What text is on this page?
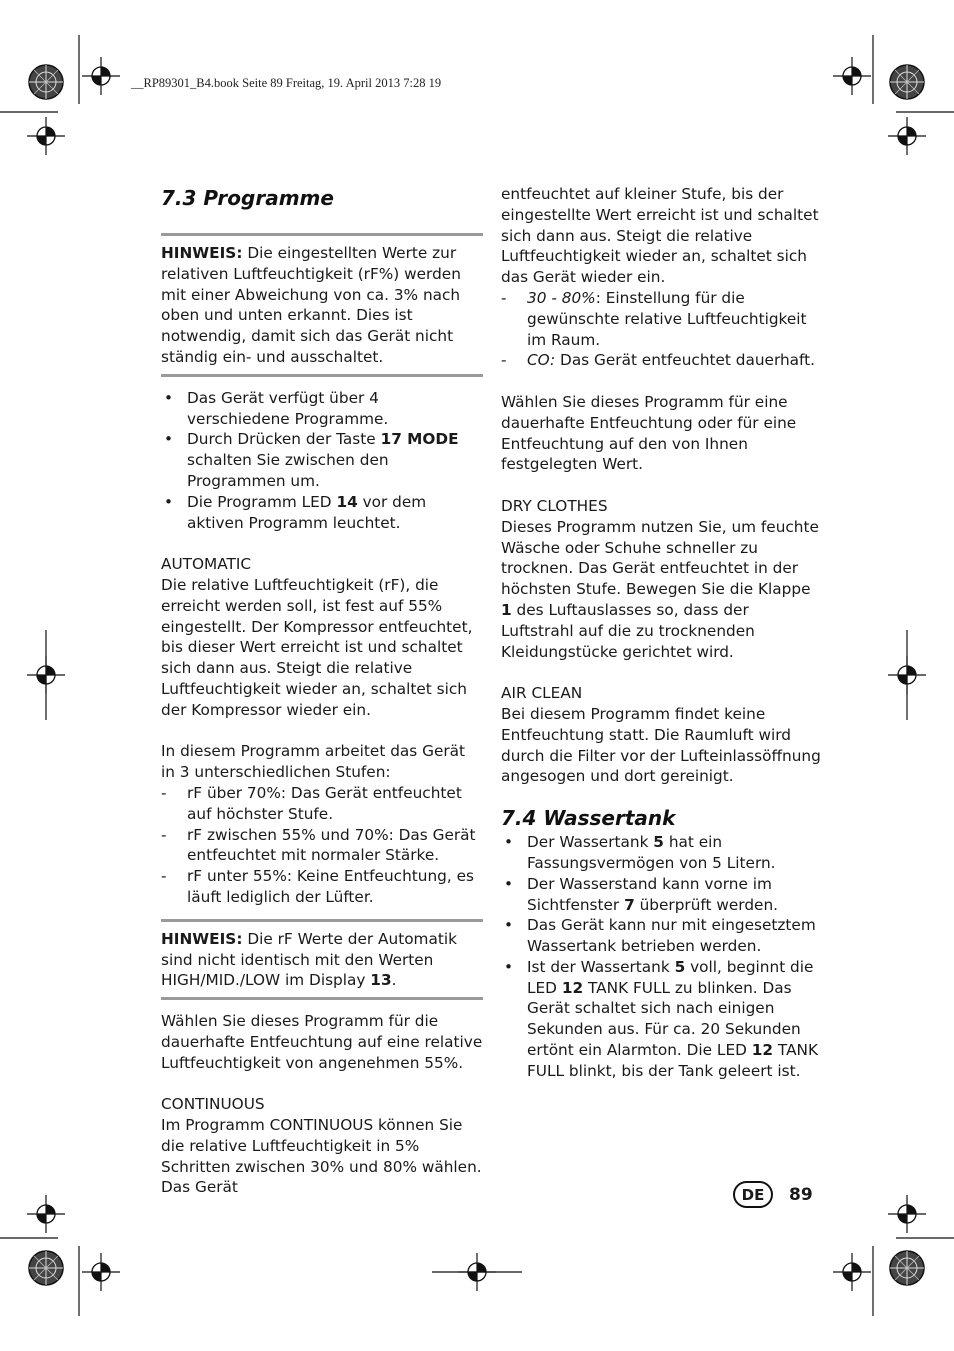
__RP89301_B4.book Seite 89 Freitag, 19. April 2013 7:28 19
7.3 Programme

HINWEIS: Die eingestellten Werte zur relativen Luftfeuchtigkeit (rF%) werden mit einer Abweichung von ca. 3% nach oben und unten erkannt. Dies ist notwendig, damit sich das Gerät nicht ständig ein- und ausschaltet.

• Das Gerät verfügt über 4 verschiedene Programme.
• Durch Drücken der Taste 17 MODE schalten Sie zwischen den Programmen um.
• Die Programm LED 14 vor dem aktiven Programm leuchtet.

AUTOMATIC

Die relative Luftfeuchtigkeit (rF), die erreicht werden soll, ist fest auf 55% eingestellt. Der Kompressor entfeuchtet, bis dieser Wert erreicht ist und schaltet sich dann aus. Steigt die relative Luftfeuchtigkeit wieder an, schaltet sich der Kompressor wieder ein.

In diesem Programm arbeitet das Gerät in 3 unterschiedlichen Stufen:

-	rF über 70%: Das Gerät entfeuchtet auf höchster Stufe.
-	rF zwischen 55% und 70%: Das Gerät entfeuchtet mit normaler Stärke.
-	rF unter 55%: Keine Entfeuchtung, es läuft lediglich der Lüfter.

HINWEIS: Die rF Werte der Automatik sind nicht identisch mit den Werten HIGH/MID./LOW im Display 13.

Wählen Sie dieses Programm für die dauerhafte Entfeuchtung auf eine relative Luftfeuchtigkeit von angenehmen 55%.

CONTINUOUS

Im Programm CONTINUOUS können Sie die relative Luftfeuchtigkeit in 5% Schritten zwischen 30% und 80% wählen. Das Gerät

entfeuchtet auf kleiner Stufe, bis der eingestellte Wert erreicht ist und schaltet sich dann aus. Steigt die relative Luftfeuchtigkeit wieder an, schaltet sich das Gerät wieder ein.

-	30 - 80%: Einstellung für die gewünschte relative Luftfeuchtigkeit im Raum.
-	CO: Das Gerät entfeuchtet dauerhaft.

Wählen Sie dieses Programm für eine dauerhafte Entfeuchtung oder für eine Entfeuchtung auf den von Ihnen festgelegten Wert.

DRY CLOTHES

Dieses Programm nutzen Sie, um feuchte Wäsche oder Schuhe schneller zu trocknen. Das Gerät entfeuchtet in der höchsten Stufe. Bewegen Sie die Klappe 1 des Luftauslasses so, dass der Luftstrahl auf die zu trocknenden Kleidungstücke gerichtet wird.

AIR CLEAN

Bei diesem Programm findet keine Entfeuchtung statt. Die Raumluft wird durch die Filter vor der Lufteinlassöffnung angesogen und dort gereinigt.

7.4 Wassertank
• Der Wassertank 5 hat ein Fassungsvermögen von 5 Litern.
• Der Wasserstand kann vorne im Sichtfenster 7 überprüft werden.
• Das Gerät kann nur mit eingesetztem Wassertank betrieben werden.
• Ist der Wassertank 5 voll, beginnt die LED 12 TANK FULL zu blinken. Das Gerät schaltet sich nach einigen Sekunden aus. Für ca. 20 Sekunden ertönt ein Alarmton. Die LED 12 TANK FULL blinkt, bis der Tank geleert ist.
DE	89
